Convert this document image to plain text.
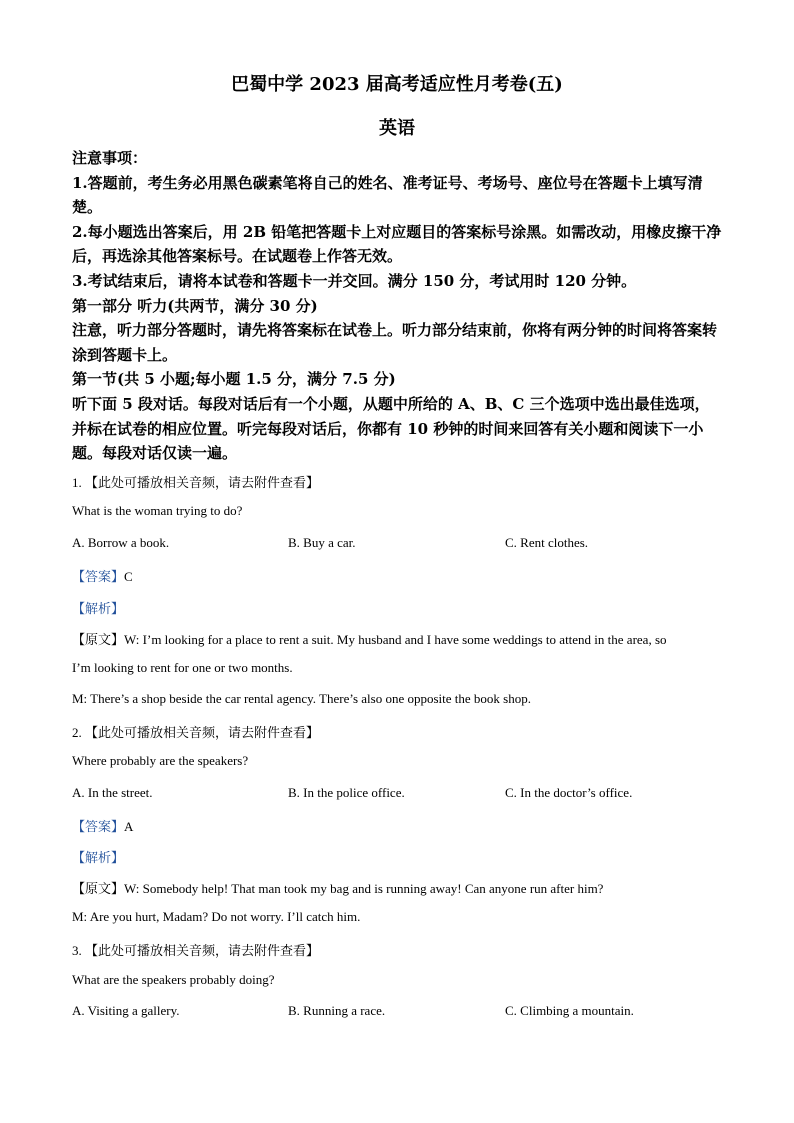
巴蜀中学 2023 届高考适应性月考卷(五)
英语

注意事项：

1.答题前，考生务必用黑色碳素笔将自己的姓名、准考证号、考场号、座位号在答题卡上填写清楚。

2.每小题选出答案后，用 2B 铅笔把答题卡上对应题目的答案标号涂黑。如需改动，用橡皮擦干净后，再选涂其他答案标号。在试题卷上作答无效。

3.考试结束后，请将本试卷和答题卡一并交回。满分 150 分，考试用时 120 分钟。

第一部分 听力(共两节，满分 30 分)

注意，听力部分答题时，请先将答案标在试卷上。听力部分结束前，你将有两分钟的时间将答案转涂到答题卡上。

第一节(共 5 小题;每小题 1.5 分，满分 7.5 分)

听下面 5 段对话。每段对话后有一个小题，从题中所给的 A、B、C 三个选项中选出最佳选项，并标在试卷的相应位置。听完每段对话后，你都有 10 秒钟的时间来回答有关小题和阅读下一小题。每段对话仅读一遍。

1. 【此处可播放相关音频，请去附件查看】
What is the woman trying to do?
A. Borrow a book.	B. Buy a car.	C. Rent clothes.
【答案】C
【解析】
【原文】W: I’m looking for a place to rent a suit. My husband and I have some weddings to attend in the area, so
I’m looking to rent for one or two months.
M: There’s a shop beside the car rental agency. There’s also one opposite the book shop.
2. 【此处可播放相关音频，请去附件查看】
Where probably are the speakers?
A. In the street.	B. In the police office.	C. In the doctor’s office.
【答案】A
【解析】
【原文】W: Somebody help! That man took my bag and is running away! Can anyone run after him?
M: Are you hurt, Madam? Do not worry. I’ll catch him.
3. 【此处可播放相关音频，请去附件查看】
What are the speakers probably doing?
A. Visiting a gallery.	B. Running a race.	C. Climbing a mountain.
